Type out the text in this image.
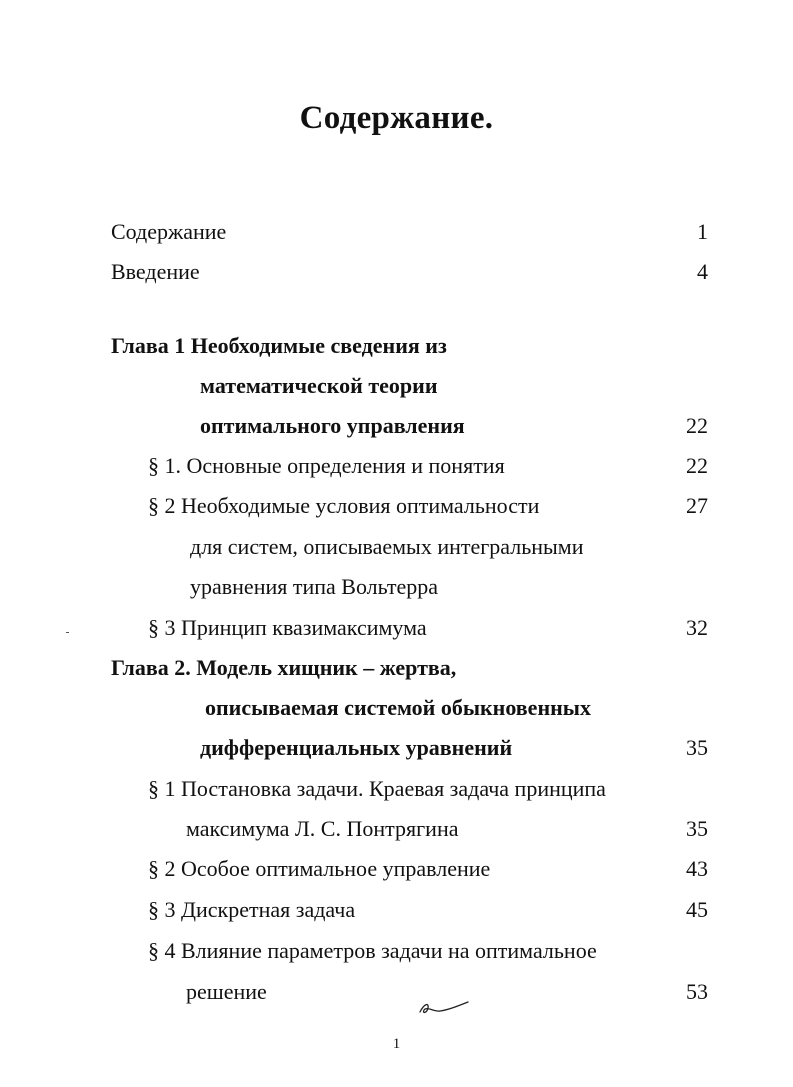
Содержание.
Содержание	1
Введение	4
Глава 1 Необходимые сведения из
математической теории
оптимального управления	22
§ 1. Основные определения и понятия	22
§ 2 Необходимые условия оптимальности	27
для систем, описываемых интегральными
уравнения типа Вольтерра
§ 3 Принцип квазимаксимума	32
Глава 2. Модель хищник – жертва,
описываемая системой обыкновенных
дифференциальных уравнений	35
§ 1 Постановка задачи. Краевая задача принципа
максимума Л. С. Понтрягина	35
§ 2 Особое оптимальное управление	43
§ 3 Дискретная задача	45
§ 4 Влияние параметров задачи на оптимальное
решение	53
1
